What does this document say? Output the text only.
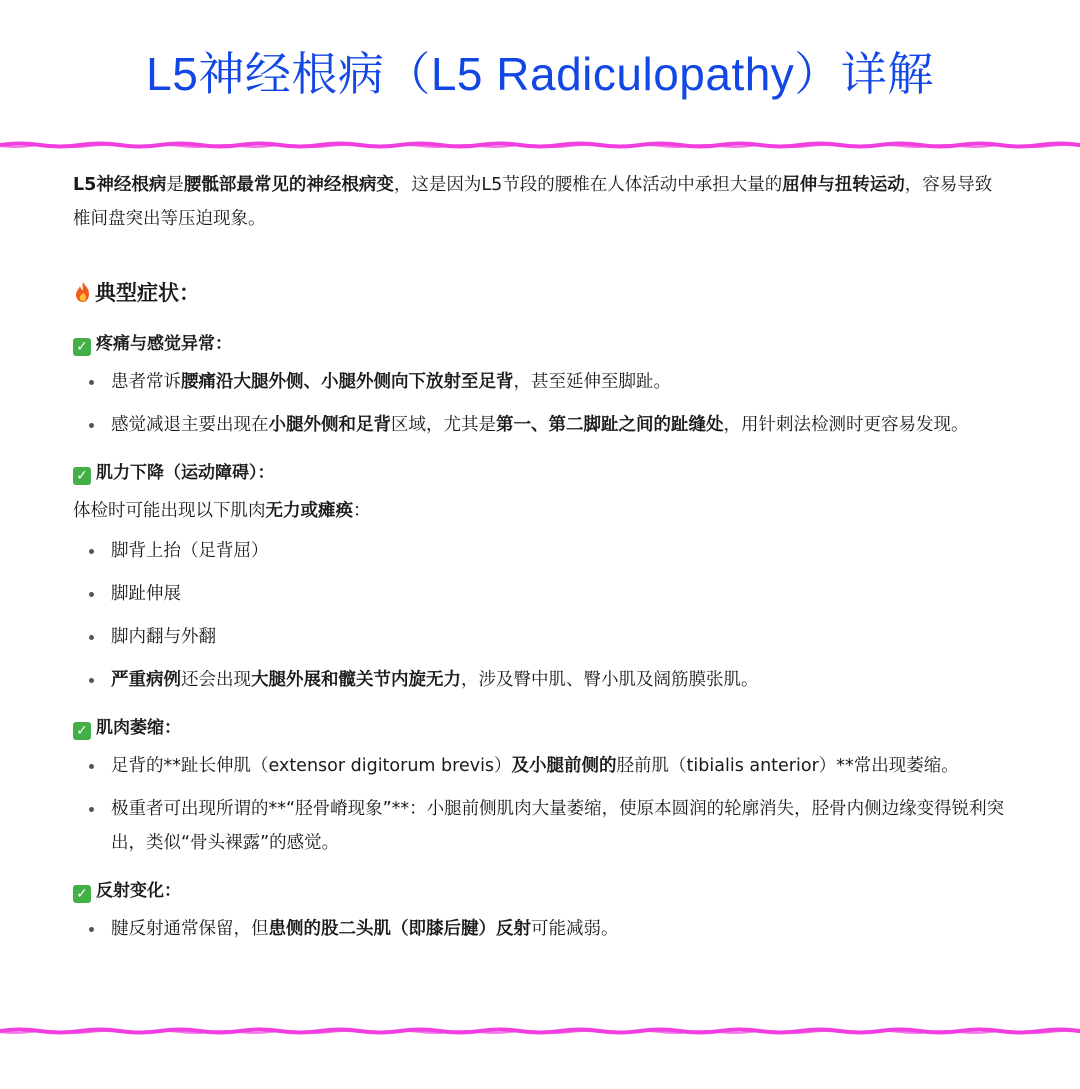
L5神经根病（L5 Radiculopathy）详解

L5神经根病是腰骶部最常见的神经根病变，这是因为L5节段的腰椎在人体活动中承担大量的屈伸与扭转运动，容易导致椎间盘突出等压迫现象。

典型症状：
✓ 疼痛与感觉异常：
患者常诉腰痛沿大腿外侧、小腿外侧向下放射至足背，甚至延伸至脚趾。
感觉减退主要出现在小腿外侧和足背区域，尤其是第一、第二脚趾之间的趾缝处，用针刺法检测时更容易发现。
✓ 肌力下降（运动障碍）：

体检时可能出现以下肌肉无力或瘫痪：

脚背上抬（足背屈）
脚趾伸展
脚内翻与外翻
严重病例还会出现大腿外展和髋关节内旋无力，涉及臀中肌、臀小肌及阔筋膜张肌。
✓ 肌肉萎缩：
足背的**趾长伸肌（extensor digitorum brevis）及小腿前侧的胫前肌（tibialis anterior）**常出现萎缩。
极重者可出现所谓的**“胫骨嵴现象”**：小腿前侧肌肉大量萎缩，使原本圆润的轮廓消失，胫骨内侧边缘变得锐利突出，类似“骨头裸露”的感觉。
✓ 反射变化：
腱反射通常保留，但患侧的股二头肌（即膝后腱）反射可能减弱。
